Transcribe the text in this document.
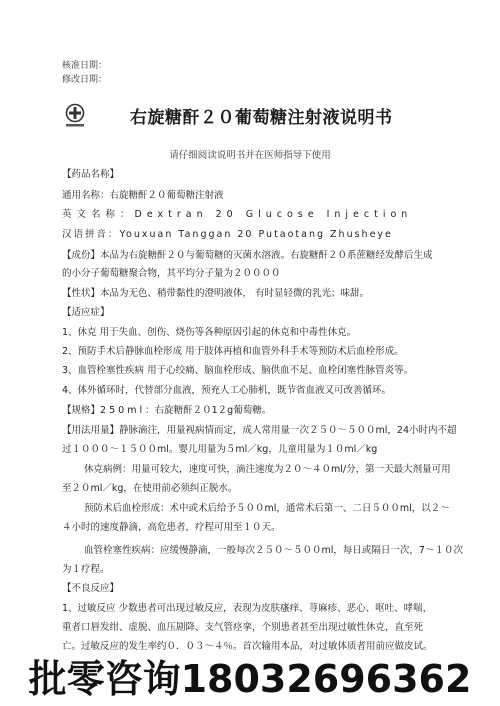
核准日期：
修改日期：
右旋糖酐２０葡萄糖注射液说明书
请仔细阅读说明书并在医师指导下使用
【药品名称】
通用名称：右旋糖酐２０葡萄糖注射液
英文名称：Dextran 20 Glucose Injection
汉语拼音：Youxuan Tanggan 20 Putaotang Zhusheye
【成份】本品为右旋糖酐２０与葡萄糖的灭菌水溶液。右旋糖酐２０系蔗糖经发酵后生成
的小分子葡萄糖聚合物，其平均分子量为２００００
【性状】本品为无色、稍带黏性的澄明液体， 有时显轻微的乳光；味甜。
【适应症】
1、休克 用于失血、创伤、烧伤等各种原因引起的休克和中毒性休克。
2、预防手术后静脉血栓形成 用于肢体再植和血管外科手术等预防术后血栓形成。
3、血管栓塞性疾病 用于心绞痛、脑血栓形成、脑供血不足、血栓闭塞性脉管炎等。
4、体外循环时，代替部分血液，预充人工心肺机，既节省血液又可改善循环。
【规格】2 5 0 m l ：右旋糖酐２０1２g葡萄糖。
【用法用量】静脉滴注，用量视病情而定，成人常用量一次２５０～５００ml，24小时内不超
过１０００～１５００ml。婴儿用量为５ml／kg，儿童用量为１０ml／kg
休克病例：用量可较大，速度可快，滴注速度为２０～４０ml/分，第一天最大剂量可用
至２０ml／kg，在使用前必须纠正脱水。
预防术后血栓形成：术中或术后给予５００ml，通常术后第一、二日５００ml，以２～
４小时的速度静滴，高危患者，疗程可用至１０天。
血管栓塞性疾病：应缓慢静滴，一般每次２５０～５００ml，每日或隔日一次，7～１０次
为１疗程。
【不良反应】
1、过敏反应 少数患者可出现过敏反应，表现为皮肤瘙痒、荨麻疹、恶心、呕吐、哮喘，
重者口唇发绀、虚脱、血压剧降、支气管痉挛，个别患者甚至出现过敏性休克，直至死
亡。过敏反应的发生率约０．０３～４％。首次输用本品，对过敏体质者用前应做皮试。
批零咨询18032696362
